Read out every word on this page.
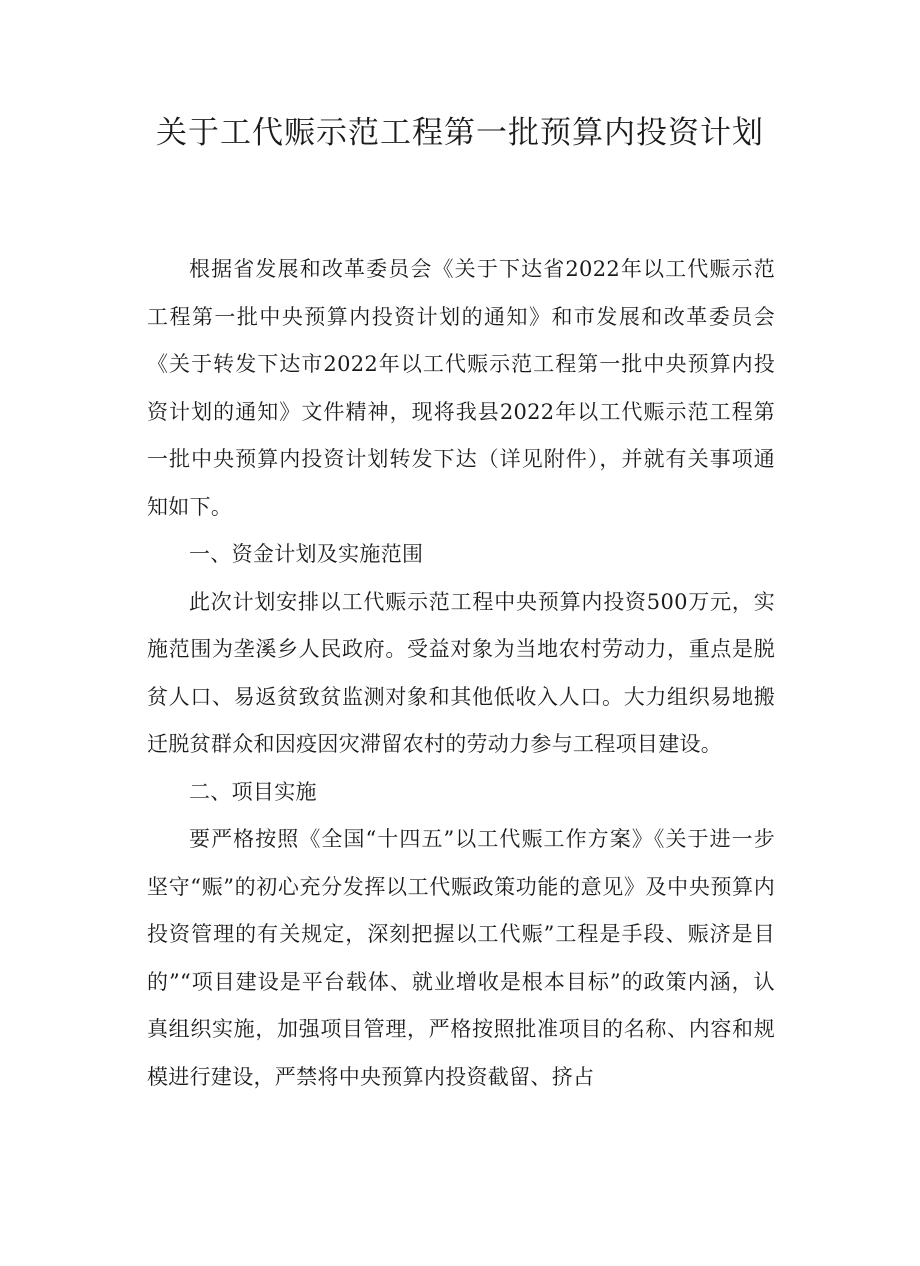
关于工代赈示范工程第一批预算内投资计划

根据省发展和改革委员会《关于下达省2022年以工代赈示范工程第一批中央预算内投资计划的通知》和市发展和改革委员会《关于转发下达市2022年以工代赈示范工程第一批中央预算内投资计划的通知》文件精神，现将我县2022年以工代赈示范工程第一批中央预算内投资计划转发下达（详见附件），并就有关事项通知如下。

一、资金计划及实施范围

此次计划安排以工代赈示范工程中央预算内投资500万元，实施范围为垄溪乡人民政府。受益对象为当地农村劳动力，重点是脱贫人口、易返贫致贫监测对象和其他低收入人口。大力组织易地搬迁脱贫群众和因疫因灾滞留农村的劳动力参与工程项目建设。

二、项目实施

要严格按照《全国“十四五”以工代赈工作方案》《关于进一步坚守“赈”的初心充分发挥以工代赈政策功能的意见》及中央预算内投资管理的有关规定，深刻把握以工代赈”工程是手段、赈济是目的”“项目建设是平台载体、就业增收是根本目标”的政策内涵，认真组织实施，加强项目管理，严格按照批准项目的名称、内容和规模进行建设，严禁将中央预算内投资截留、挤占
